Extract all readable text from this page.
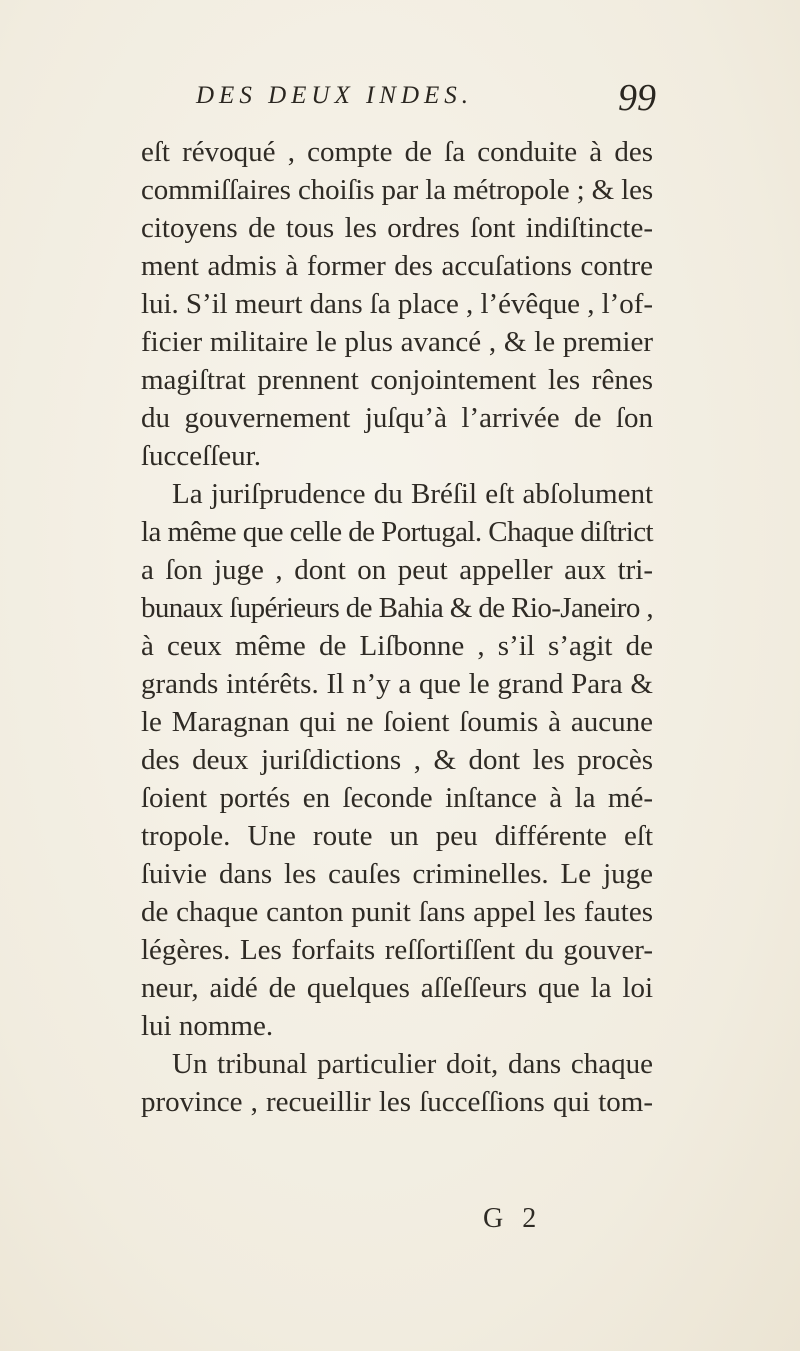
DES DEUX INDES.	99
eſt révoqué , compte de ſa conduite à des
commiſſaires choiſis par la métropole ; & les
citoyens de tous les ordres ſont indiſtincte-
ment admis à former des accuſations contre
lui. S’il meurt dans ſa place , l’évêque , l’of-
ficier militaire le plus avancé , & le premier
magiſtrat prennent conjointement les rênes
du gouvernement juſqu’à l’arrivée de ſon
ſucceſſeur.
La juriſprudence du Bréſil eſt abſolument
la même que celle de Portugal. Chaque diſtrict
a ſon juge , dont on peut appeller aux tri-
bunaux ſupérieurs de Bahia & de Rio-Janeiro ,
à ceux même de Liſbonne , s’il s’agit de
grands intérêts. Il n’y a que le grand Para &
le Maragnan qui ne ſoient ſoumis à aucune
des deux juriſdictions , & dont les procès
ſoient portés en ſeconde inſtance à la mé-
tropole. Une route un peu différente eſt
ſuivie dans les cauſes criminelles. Le juge
de chaque canton punit ſans appel les fautes
légères. Les forfaits reſſortiſſent du gouver-
neur, aidé de quelques aſſeſſeurs que la loi
lui nomme.
Un tribunal particulier doit, dans chaque
province , recueillir les ſucceſſions qui tom-
G 2
